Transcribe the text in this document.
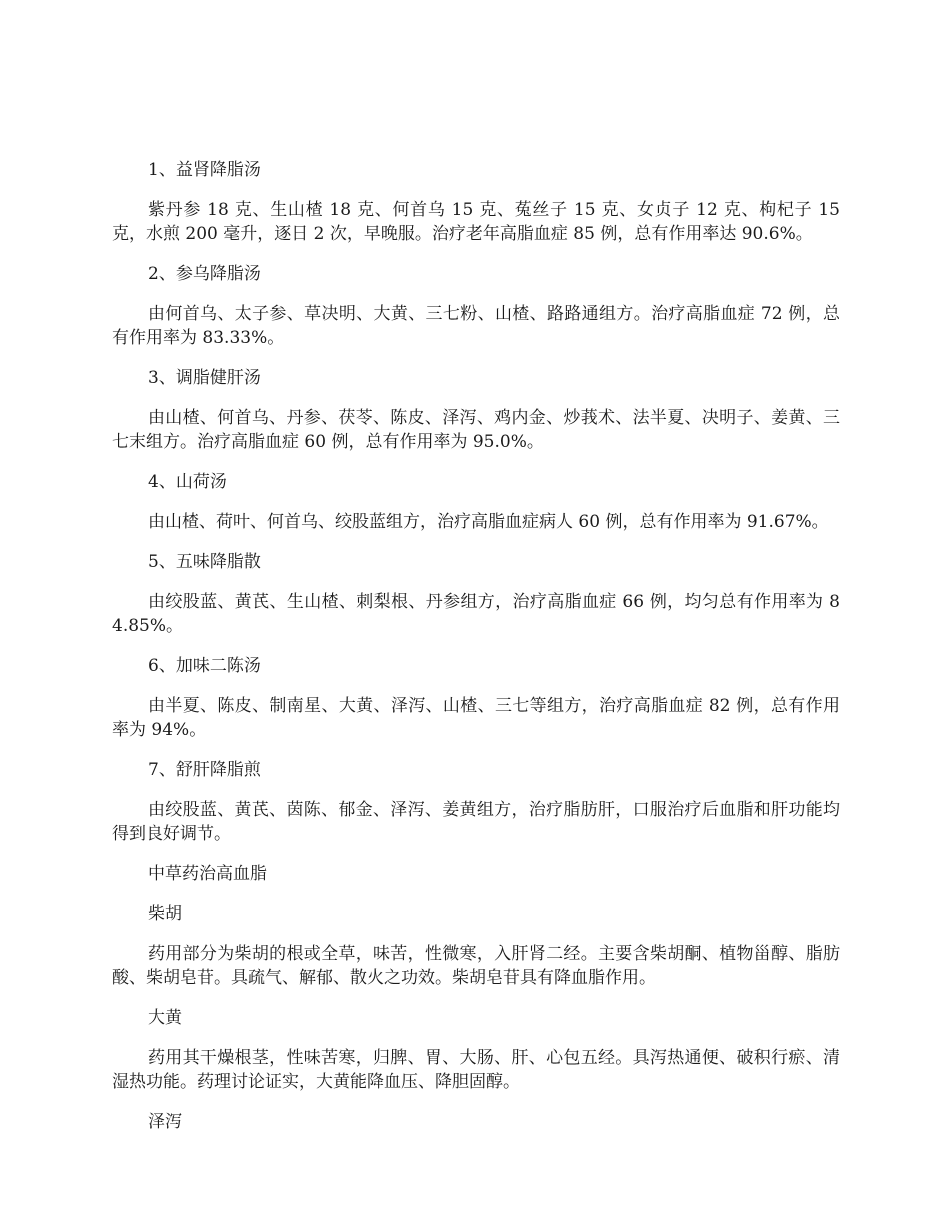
1、益肾降脂汤

紫丹参 18 克、生山楂 18 克、何首乌 15 克、菟丝子 15 克、女贞子 12 克、枸杞子 15 克，水煎 200 毫升，逐日 2 次，早晚服。治疗老年高脂血症 85 例，总有作用率达 90.6%。

2、参乌降脂汤

由何首乌、太子参、草决明、大黄、三七粉、山楂、路路通组方。治疗高脂血症 72 例，总有作用率为 83.33%。

3、调脂健肝汤

由山楂、何首乌、丹参、茯苓、陈皮、泽泻、鸡内金、炒莪术、法半夏、决明子、姜黄、三七末组方。治疗高脂血症 60 例，总有作用率为 95.0%。

4、山荷汤

由山楂、荷叶、何首乌、绞股蓝组方，治疗高脂血症病人 60 例，总有作用率为 91.67%。

5、五味降脂散

由绞股蓝、黄芪、生山楂、刺梨根、丹参组方，治疗高脂血症 66 例，均匀总有作用率为 84.85%。

6、加味二陈汤

由半夏、陈皮、制南星、大黄、泽泻、山楂、三七等组方，治疗高脂血症 82 例，总有作用率为 94%。

7、舒肝降脂煎

由绞股蓝、黄芪、茵陈、郁金、泽泻、姜黄组方，治疗脂肪肝，口服治疗后血脂和肝功能均得到良好调节。

中草药治高血脂

柴胡

药用部分为柴胡的根或全草，味苦，性微寒，入肝肾二经。主要含柴胡酮、植物甾醇、脂肪酸、柴胡皂苷。具疏气、解郁、散火之功效。柴胡皂苷具有降血脂作用。

大黄

药用其干燥根茎，性味苦寒，归脾、胃、大肠、肝、心包五经。具泻热通便、破积行瘀、清湿热功能。药理讨论证实，大黄能降血压、降胆固醇。

泽泻
